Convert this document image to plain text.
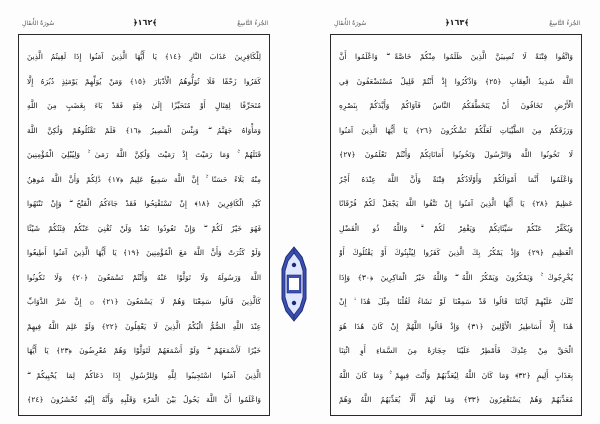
سُورَةُ الأَنفَالِ	﴿١٦٢﴾	الجُزءُ التَّاسِعُ
لِلْكَافِرِينَ عَذَابَ النَّارِ ﴿١٤﴾ يَا أَيُّهَا الَّذِينَ آمَنُوا إِذَا لَقِيتُمُ الَّذِينَ
كَفَرُوا زَحْفًا فَلَا تُوَلُّوهُمُ الْأَدْبَارَ ﴿١٥﴾ وَمَنْ يُوَلِّهِمْ يَوْمَئِذٍ دُبُرَهُ إِلَّا
مُتَحَرِّفًا لِقِتَالٍ أَوْ مُتَحَيِّزًا إِلَىٰ فِئَةٍ فَقَدْ بَاءَ بِغَضَبٍ مِنَ اللَّهِ
وَمَأْوَاهُ جَهَنَّمُ ۖ وَبِئْسَ الْمَصِيرُ ﴿١٦﴾ فَلَمْ تَقْتُلُوهُمْ وَلَٰكِنَّ اللَّهَ
قَتَلَهُمْ ۚ وَمَا رَمَيْتَ إِذْ رَمَيْتَ وَلَٰكِنَّ اللَّهَ رَمَىٰ ۚ وَلِيُبْلِيَ الْمُؤْمِنِينَ
مِنْهُ بَلَاءً حَسَنًا ۚ إِنَّ اللَّهَ سَمِيعٌ عَلِيمٌ ﴿١٧﴾ ذَٰلِكُمْ وَأَنَّ اللَّهَ مُوهِنُ
كَيْدِ الْكَافِرِينَ ﴿١٨﴾ إِنْ تَسْتَفْتِحُوا فَقَدْ جَاءَكُمُ الْفَتْحُ ۖ وَإِنْ تَنْتَهُوا
فَهُوَ خَيْرٌ لَكُمْ ۖ وَإِنْ تَعُودُوا نَعُدْ وَلَنْ تُغْنِيَ عَنْكُمْ فِئَتُكُمْ شَيْئًا
وَلَوْ كَثُرَتْ وَأَنَّ اللَّهَ مَعَ الْمُؤْمِنِينَ ﴿١٩﴾ يَا أَيُّهَا الَّذِينَ آمَنُوا أَطِيعُوا
اللَّهَ وَرَسُولَهُ وَلَا تَوَلَّوْا عَنْهُ وَأَنْتُمْ تَسْمَعُونَ ﴿٢٠﴾ وَلَا تَكُونُوا
كَالَّذِينَ قَالُوا سَمِعْنَا وَهُمْ لَا يَسْمَعُونَ ﴿٢١﴾ ۞ إِنَّ شَرَّ الدَّوَابِّ
عِنْدَ اللَّهِ الصُّمُّ الْبُكْمُ الَّذِينَ لَا يَعْقِلُونَ ﴿٢٢﴾ وَلَوْ عَلِمَ اللَّهُ فِيهِمْ
خَيْرًا لَأَسْمَعَهُمْ ۖ وَلَوْ أَسْمَعَهُمْ لَتَوَلَّوْا وَهُمْ مُعْرِضُونَ ﴿٢٣﴾ يَا أَيُّهَا
الَّذِينَ آمَنُوا اسْتَجِيبُوا لِلَّهِ وَلِلرَّسُولِ إِذَا دَعَاكُمْ لِمَا يُحْيِيكُمْ ۖ
وَاعْلَمُوا أَنَّ اللَّهَ يَحُولُ بَيْنَ الْمَرْءِ وَقَلْبِهِ وَأَنَّهُ إِلَيْهِ تُحْشَرُونَ ﴿٢٤﴾
سُورَةُ الأَنفَالِ	﴿١٦٣﴾	الجُزءُ التَّاسِعُ
وَاتَّقُوا فِتْنَةً لَا تُصِيبَنَّ الَّذِينَ ظَلَمُوا مِنْكُمْ خَاصَّةً ۖ وَاعْلَمُوا أَنَّ
اللَّهَ شَدِيدُ الْعِقَابِ ﴿٢٥﴾ وَاذْكُرُوا إِذْ أَنْتُمْ قَلِيلٌ مُسْتَضْعَفُونَ فِي
الْأَرْضِ تَخَافُونَ أَنْ يَتَخَطَّفَكُمُ النَّاسُ فَآوَاكُمْ وَأَيَّدَكُمْ بِنَصْرِهِ
وَرَزَقَكُمْ مِنَ الطَّيِّبَاتِ لَعَلَّكُمْ تَشْكُرُونَ ﴿٢٦﴾ يَا أَيُّهَا الَّذِينَ آمَنُوا
لَا تَخُونُوا اللَّهَ وَالرَّسُولَ وَتَخُونُوا أَمَانَاتِكُمْ وَأَنْتُمْ تَعْلَمُونَ ﴿٢٧﴾
وَاعْلَمُوا أَنَّمَا أَمْوَالُكُمْ وَأَوْلَادُكُمْ فِتْنَةٌ وَأَنَّ اللَّهَ عِنْدَهُ أَجْرٌ
عَظِيمٌ ﴿٢٨﴾ يَا أَيُّهَا الَّذِينَ آمَنُوا إِنْ تَتَّقُوا اللَّهَ يَجْعَلْ لَكُمْ فُرْقَانًا
وَيُكَفِّرْ عَنْكُمْ سَيِّئَاتِكُمْ وَيَغْفِرْ لَكُمْ ۗ وَاللَّهُ ذُو الْفَضْلِ
الْعَظِيمِ ﴿٢٩﴾ وَإِذْ يَمْكُرُ بِكَ الَّذِينَ كَفَرُوا لِيُثْبِتُوكَ أَوْ يَقْتُلُوكَ أَوْ
يُخْرِجُوكَ ۚ وَيَمْكُرُونَ وَيَمْكُرُ اللَّهُ ۖ وَاللَّهُ خَيْرُ الْمَاكِرِينَ ﴿٣٠﴾ وَإِذَا
تُتْلَىٰ عَلَيْهِمْ آيَاتُنَا قَالُوا قَدْ سَمِعْنَا لَوْ نَشَاءُ لَقُلْنَا مِثْلَ هَٰذَا ۙ إِنْ
هَٰذَا إِلَّا أَسَاطِيرُ الْأَوَّلِينَ ﴿٣١﴾ وَإِذْ قَالُوا اللَّهُمَّ إِنْ كَانَ هَٰذَا هُوَ
الْحَقَّ مِنْ عِنْدِكَ فَأَمْطِرْ عَلَيْنَا حِجَارَةً مِنَ السَّمَاءِ أَوِ ائْتِنَا
بِعَذَابٍ أَلِيمٍ ﴿٣٢﴾ وَمَا كَانَ اللَّهُ لِيُعَذِّبَهُمْ وَأَنْتَ فِيهِمْ ۚ وَمَا كَانَ اللَّهُ
مُعَذِّبَهُمْ وَهُمْ يَسْتَغْفِرُونَ ﴿٣٣﴾ وَمَا لَهُمْ أَلَّا يُعَذِّبَهُمُ اللَّهُ وَهُمْ
